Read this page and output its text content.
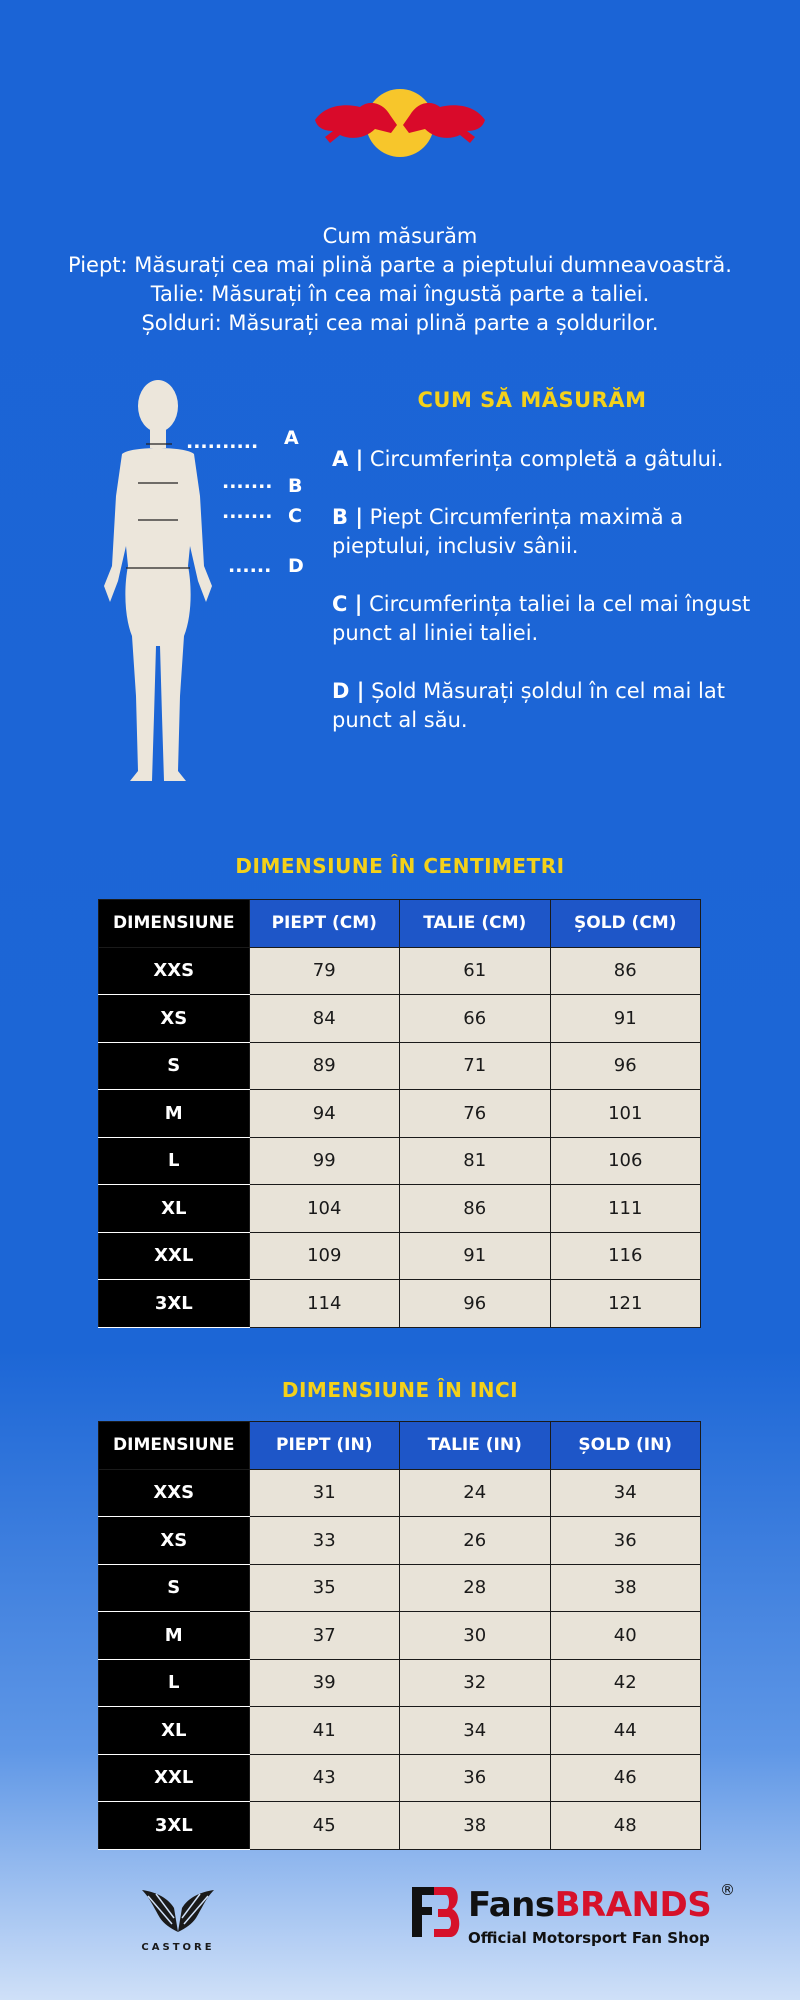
Cum măsurăm
Piept: Măsurați cea mai plină parte a pieptului dumneavoastră.
Talie: Măsurați în cea mai îngustă parte a taliei.
Șolduri: Măsurați cea mai plină parte a șoldurilor.
..........
.......
.......
......
A
B
C
D
CUM SĂ MĂSURĂM
A | Circumferința completă a gâtului.
B | Piept Circumferința maximă a pieptului, inclusiv sânii.
C | Circumferința taliei la cel mai îngust punct al liniei taliei.
D | Șold Măsurați șoldul în cel mai lat punct al său.
DIMENSIUNE ÎN CENTIMETRI
DIMENSIUNE	PIEPT (CM)	TALIE (CM)	ȘOLD (CM)
XXS	79	61	86
XS	84	66	91
S	89	71	96
M	94	76	101
L	99	81	106
XL	104	86	111
XXL	109	91	116
3XL	114	96	121
DIMENSIUNE ÎN INCI
DIMENSIUNE	PIEPT (IN)	TALIE (IN)	ȘOLD (IN)
XXS	31	24	34
XS	33	26	36
S	35	28	38
M	37	30	40
L	39	32	42
XL	41	34	44
XXL	43	36	46
3XL	45	38	48
CASTORE
FansBRANDS ®
Official Motorsport Fan Shop
